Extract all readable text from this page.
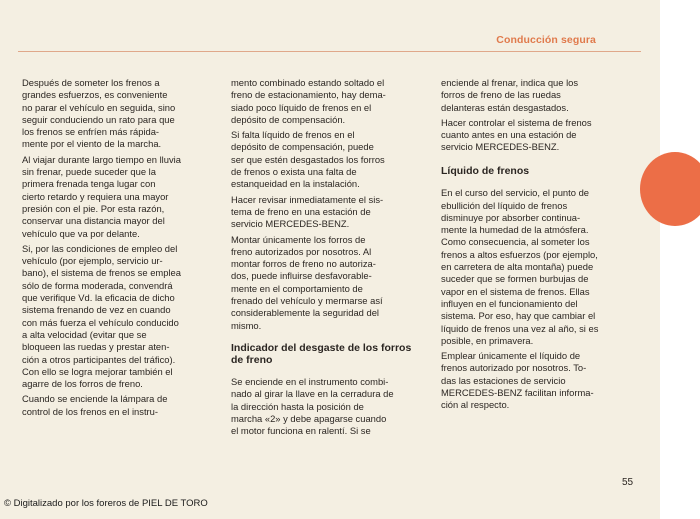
Conducción segura

Después de someter los frenos a
grandes esfuerzos, es conveniente
no parar el vehículo en seguida, sino
seguir conduciendo un rato para que
los frenos se enfríen más rápida-
mente por el viento de la marcha.

Al viajar durante largo tiempo en lluvia
sin frenar, puede suceder que la
primera frenada tenga lugar con
cierto retardo y requiera una mayor
presión con el pie. Por esta razón,
conservar una distancia mayor del
vehículo que va por delante.

Si, por las condiciones de empleo del
vehículo (por ejemplo, servicio ur-
bano), el sistema de frenos se emplea
sólo de forma moderada, convendrá
que verifique Vd. la eficacia de dicho
sistema frenando de vez en cuando
con más fuerza el vehículo conducido
a alta velocidad (evitar que se
bloqueen las ruedas y prestar aten-
ción a otros participantes del tráfico).
Con ello se logra mejorar también el
agarre de los forros de freno.

Cuando se enciende la lámpara de
control de los frenos en el instru-

mento combinado estando soltado el
freno de estacionamiento, hay dema-
siado poco líquido de frenos en el
depósito de compensación.

Si falta líquido de frenos en el
depósito de compensación, puede
ser que estén desgastados los forros
de frenos o exista una falta de
estanqueidad en la instalación.

Hacer revisar inmediatamente el sis-
tema de freno en una estación de
servicio MERCEDES-BENZ.

Montar únicamente los forros de
freno autorizados por nosotros. Al
montar forros de freno no autoriza-
dos, puede influirse desfavorable-
mente en el comportamiento de
frenado del vehículo y mermarse así
considerablemente la seguridad del
mismo.

Indicador del desgaste de los forros
de freno

Se enciende en el instrumento combi-
nado al girar la llave en la cerradura de
la dirección hasta la posición de
marcha «2» y debe apagarse cuando
el motor funciona en ralentí. Si se

enciende al frenar, indica que los
forros de freno de las ruedas
delanteras están desgastados.

Hacer controlar el sistema de frenos
cuanto antes en una estación de
servicio MERCEDES-BENZ.

Líquido de frenos

En el curso del servicio, el punto de
ebullición del líquido de frenos
disminuye por absorber continua-
mente la humedad de la atmósfera.
Como consecuencia, al someter los
frenos a altos esfuerzos (por ejemplo,
en carretera de alta montaña) puede
suceder que se formen burbujas de
vapor en el sistema de frenos. Ellas
influyen en el funcionamiento del
sistema. Por eso, hay que cambiar el
líquido de frenos una vez al año, si es
posible, en primavera.

Emplear únicamente el líquido de
frenos autorizado por nosotros. To-
das las estaciones de servicio
MERCEDES-BENZ facilitan informa-
ción al respecto.

55
© Digitalizado por los foreros de PIEL DE TORO
